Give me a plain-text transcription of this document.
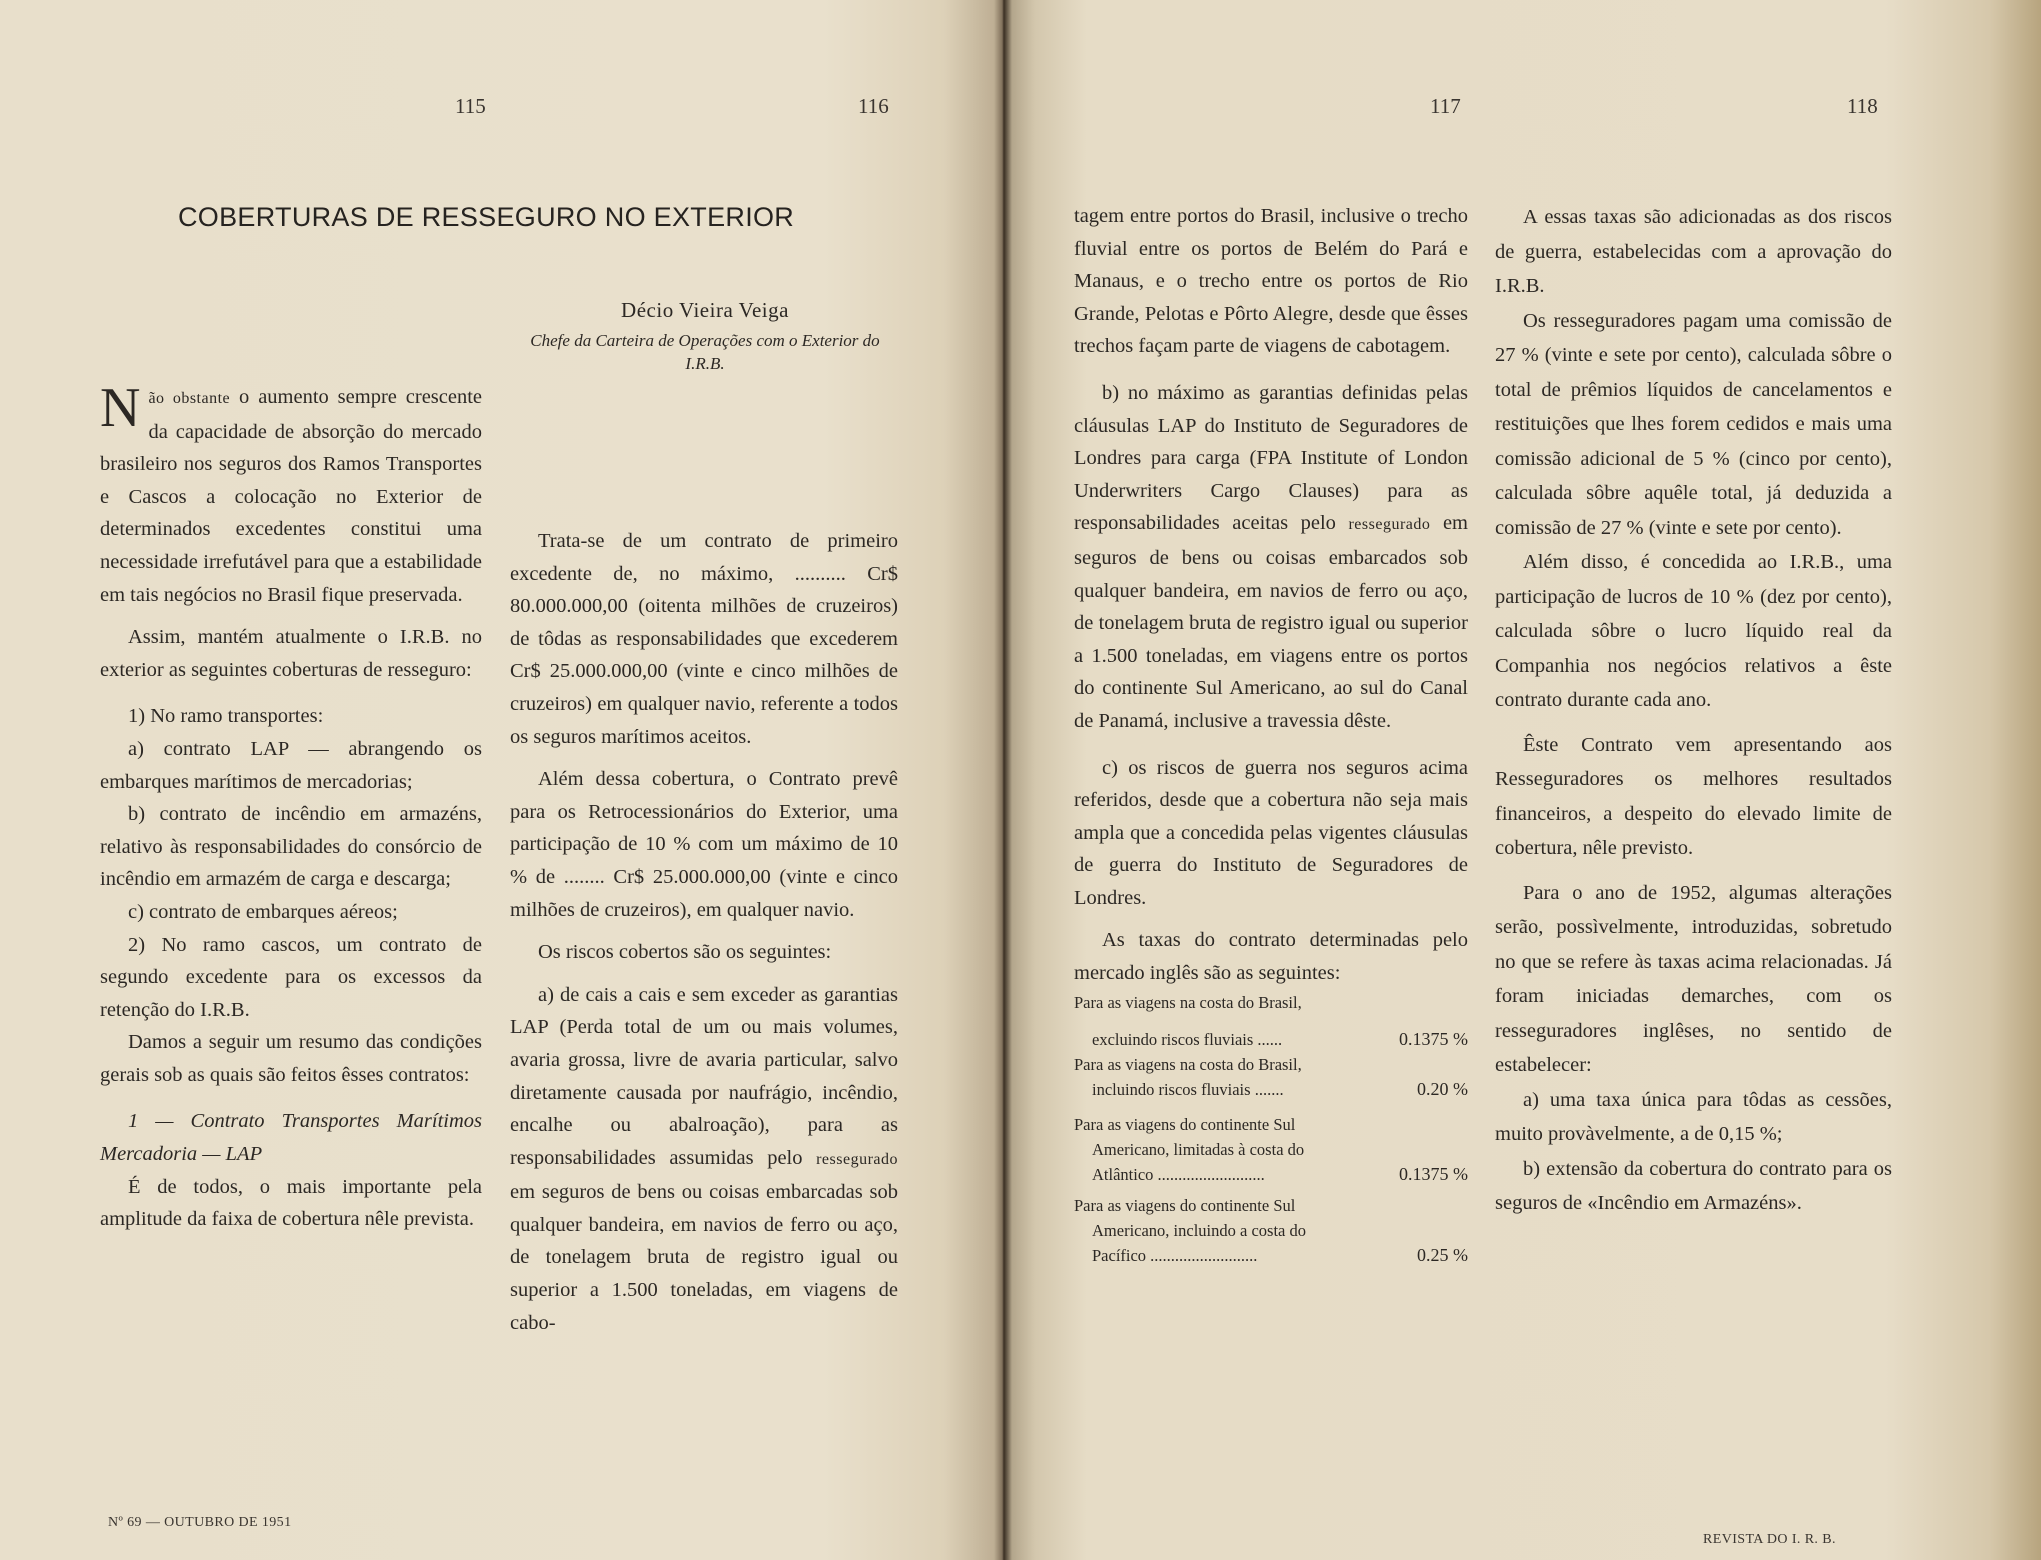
115	116	117	118
COBERTURAS DE RESSEGURO NO EXTERIOR
Décio Vieira Veiga
Chefe da Carteira de Operações com o Exterior do I.R.B.

Não obstante o aumento sempre crescente da capacidade de absorção do mercado brasileiro nos seguros dos Ramos Transportes e Cascos a colocação no Exterior de determinados excedentes constitui uma necessidade irrefutável para que a estabilidade em tais negócios no Brasil fique preservada.

Assim, mantém atualmente o I.R.B. no exterior as seguintes coberturas de resseguro:

1) No ramo transportes:

a) contrato LAP — abrangendo os embarques marítimos de mercadorias;

b) contrato de incêndio em armazéns, relativo às responsabilidades do consórcio de incêndio em armazém de carga e descarga;

c) contrato de embarques aéreos;

2) No ramo cascos, um contrato de segundo excedente para os excessos da retenção do I.R.B.

Damos a seguir um resumo das condições gerais sob as quais são feitos êsses contratos:

1 — Contrato Transportes Marítimos Mercadoria — LAP

É de todos, o mais importante pela amplitude da faixa de cobertura nêle prevista.

Trata-se de um contrato de primeiro excedente de, no máximo, .......... Cr$ 80.000.000,00 (oitenta milhões de cruzeiros) de tôdas as responsabilidades que excederem Cr$ 25.000.000,00 (vinte e cinco milhões de cruzeiros) em qualquer navio, referente a todos os seguros marítimos aceitos.

Além dessa cobertura, o Contrato prevê para os Retrocessionários do Exterior, uma participação de 10 % com um máximo de 10 % de ........ Cr$ 25.000.000,00 (vinte e cinco milhões de cruzeiros), em qualquer navio.

Os riscos cobertos são os seguintes:

a) de cais a cais e sem exceder as garantias LAP (Perda total de um ou mais volumes, avaria grossa, livre de avaria particular, salvo diretamente causada por naufrágio, incêndio, encalhe ou abalroação), para as responsabilidades assumidas pelo ressegurado em seguros de bens ou coisas embarcadas sob qualquer bandeira, em navios de ferro ou aço, de tonelagem bruta de registro igual ou superior a 1.500 toneladas, em viagens de cabo-

tagem entre portos do Brasil, inclusive o trecho fluvial entre os portos de Belém do Pará e Manaus, e o trecho entre os portos de Rio Grande, Pelotas e Pôrto Alegre, desde que êsses trechos façam parte de viagens de cabotagem.

b) no máximo as garantias definidas pelas cláusulas LAP do Instituto de Seguradores de Londres para carga (FPA Institute of London Underwriters Cargo Clauses) para as responsabilidades aceitas pelo ressegurado em seguros de bens ou coisas embarcados sob qualquer bandeira, em navios de ferro ou aço, de tonelagem bruta de registro igual ou superior a 1.500 toneladas, em viagens entre os portos do continente Sul Americano, ao sul do Canal de Panamá, inclusive a travessia dêste.

c) os riscos de guerra nos seguros acima referidos, desde que a cobertura não seja mais ampla que a concedida pelas vigentes cláusulas de guerra do Instituto de Seguradores de Londres.

As taxas do contrato determinadas pelo mercado inglês são as seguintes:

Para as viagens na costa do Brasil,
excluindo riscos fluviais ......	0.1375 %
Para as viagens na costa do Brasil,
incluindo riscos fluviais .......	0.20 %
Para as viagens do continente Sul
Americano, limitadas à costa do
Atlântico ..........................	0.1375 %
Para as viagens do continente Sul
Americano, incluindo a costa do
Pacífico ..........................	0.25 %

A essas taxas são adicionadas as dos riscos de guerra, estabelecidas com a aprovação do I.R.B.

Os resseguradores pagam uma comissão de 27 % (vinte e sete por cento), calculada sôbre o total de prêmios líquidos de cancelamentos e restituições que lhes forem cedidos e mais uma comissão adicional de 5 % (cinco por cento), calculada sôbre aquêle total, já deduzida a comissão de 27 % (vinte e sete por cento).

Além disso, é concedida ao I.R.B., uma participação de lucros de 10 % (dez por cento), calculada sôbre o lucro líquido real da Companhia nos negócios relativos a êste contrato durante cada ano.

Êste Contrato vem apresentando aos Resseguradores os melhores resultados financeiros, a despeito do elevado limite de cobertura, nêle previsto.

Para o ano de 1952, algumas alterações serão, possìvelmente, introduzidas, sobretudo no que se refere às taxas acima relacionadas. Já foram iniciadas demarches, com os resseguradores inglêses, no sentido de estabelecer:

a) uma taxa única para tôdas as cessões, muito provàvelmente, a de 0,15 %;

b) extensão da cobertura do contrato para os seguros de «Incêndio em Armazéns».

Nº 69 — OUTUBRO DE 1951
REVISTA DO I. R. B.
